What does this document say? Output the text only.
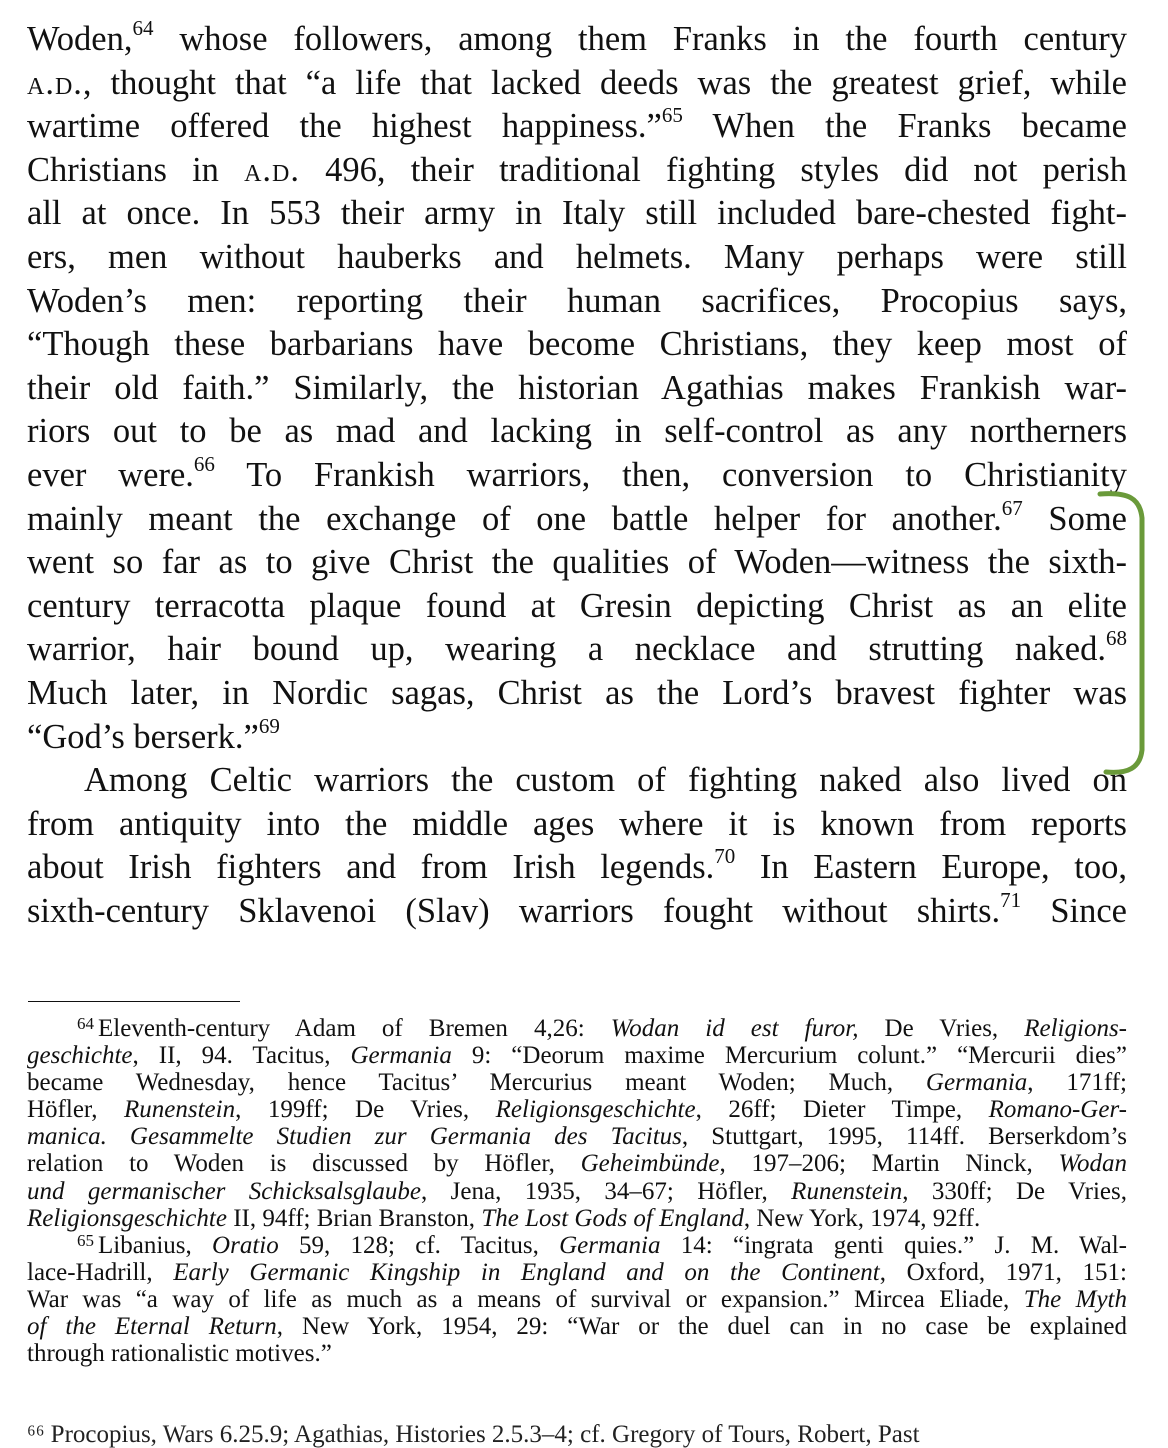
Woden,$^{64}$ whose followers, among them Franks in the fourth century
a.d., thought that “a life that lacked deeds was the greatest grief, while
wartime offered the highest happiness.”$^{65}$ When the Franks became
Christians in a.d. 496, their traditional fighting styles did not perish
all at once. In 553 their army in Italy still included bare-chested fight-
ers, men without hauberks and helmets. Many perhaps were still
Woden’s men: reporting their human sacrifices, Procopius says,
“Though these barbarians have become Christians, they keep most of
their old faith.” Similarly, the historian Agathias makes Frankish war-
riors out to be as mad and lacking in self-control as any northerners
ever were.$^{66}$ To Frankish warriors, then, conversion to Christianity
mainly meant the exchange of one battle helper for another.$^{67}$ Some
went so far as to give Christ the qualities of Woden—witness the sixth-
century terracotta plaque found at Gresin depicting Christ as an elite
warrior, hair bound up, wearing a necklace and strutting naked.$^{68}$
Much later, in Nordic sagas, Christ as the Lord’s bravest fighter was
“God’s berserk.”$^{69}$
Among Celtic warriors the custom of fighting naked also lived on
from antiquity into the middle ages where it is known from reports
about Irish fighters and from Irish legends.$^{70}$ In Eastern Europe, too,
sixth-century Sklavenoi (Slav) warriors fought without shirts.$^{71}$ Since
$^{64}$ Eleventh-century Adam of Bremen 4,26: Wodan id est furor, De Vries, Religions-
geschichte, II, 94. Tacitus, Germania 9: “Deorum maxime Mercurium colunt.” “Mercurii dies”
became Wednesday, hence Tacitus’ Mercurius meant Woden; Much, Germania, 171ff;
Höfler, Runenstein, 199ff; De Vries, Religionsgeschichte, 26ff; Dieter Timpe, Romano-Ger-
manica. Gesammelte Studien zur Germania des Tacitus, Stuttgart, 1995, 114ff. Berserkdom’s
relation to Woden is discussed by Höfler, Geheimbünde, 197–206; Martin Ninck, Wodan
und germanischer Schicksalsglaube, Jena, 1935, 34–67; Höfler, Runenstein, 330ff; De Vries,
Religionsgeschichte II, 94ff; Brian Branston, The Lost Gods of England, New York, 1974, 92ff.
$^{65}$ Libanius, Oratio 59, 128; cf. Tacitus, Germania 14: “ingrata genti quies.” J. M. Wal-
lace-Hadrill, Early Germanic Kingship in England and on the Continent, Oxford, 1971, 151:
War was “a way of life as much as a means of survival or expansion.” Mircea Eliade, The Myth
of the Eternal Return, New York, 1954, 29: “War or the duel can in no case be explained
through rationalistic motives.”
⁶⁶ Procopius, Wars 6.25.9; Agathias, Histories 2.5.3–4; cf. Gregory of Tours, Robert, Past
